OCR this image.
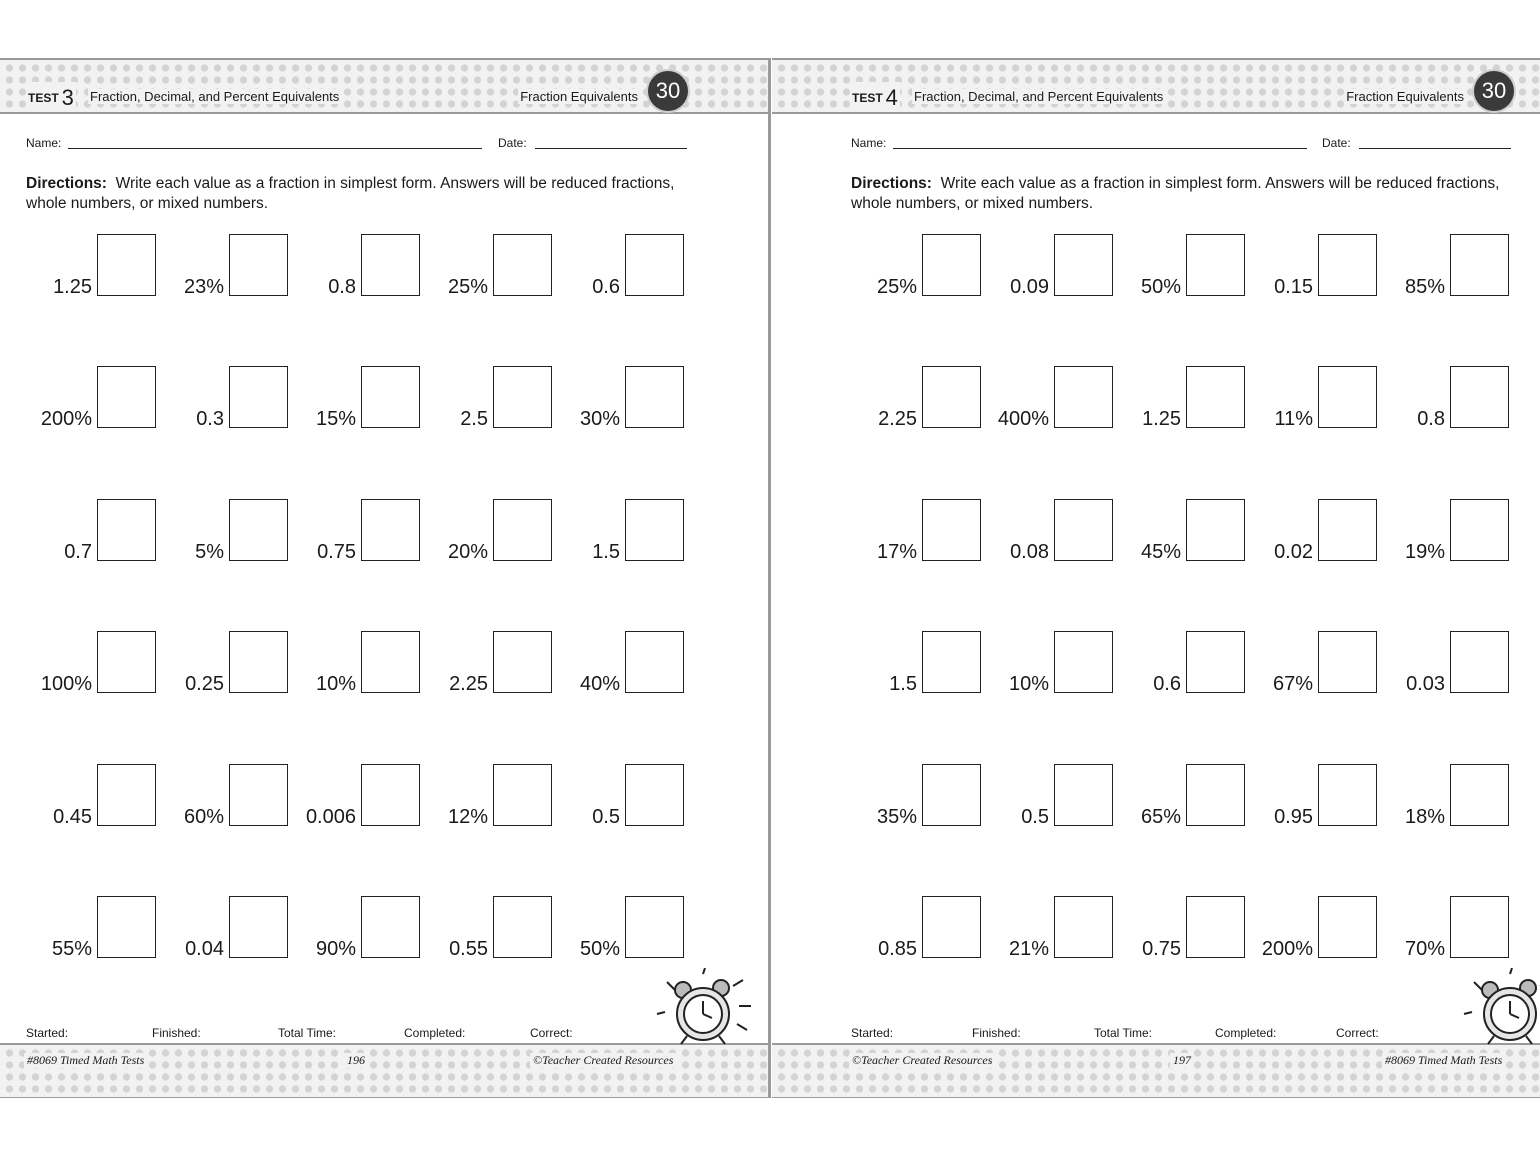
TEST 3 Fraction, Decimal, and Percent Equivalents	Fraction Equivalents 30
Name:	Date:
Directions: Write each value as a fraction in simplest form. Answers will be reduced fractions, whole numbers, or mixed numbers.
1.25	23%	0.8	25%	0.6
200%	0.3	15%	2.5	30%
0.7	5%	0.75	20%	1.5
100%	0.25	10%	2.25	40%
0.45	60%	0.006	12%	0.5
55%	0.04	90%	0.55	50%
Started:	Finished:	Total Time:	Completed:	Correct:
#8069 Timed Math Tests	196	©Teacher Created Resources
TEST 4 Fraction, Decimal, and Percent Equivalents	Fraction Equivalents 30
Name:	Date:
Directions: Write each value as a fraction in simplest form. Answers will be reduced fractions, whole numbers, or mixed numbers.
25%	0.09	50%	0.15	85%
2.25	400%	1.25	11%	0.8
17%	0.08	45%	0.02	19%
1.5	10%	0.6	67%	0.03
35%	0.5	65%	0.95	18%
0.85	21%	0.75	200%	70%
Started:	Finished:	Total Time:	Completed:	Correct:
©Teacher Created Resources	197	#8069 Timed Math Tests
